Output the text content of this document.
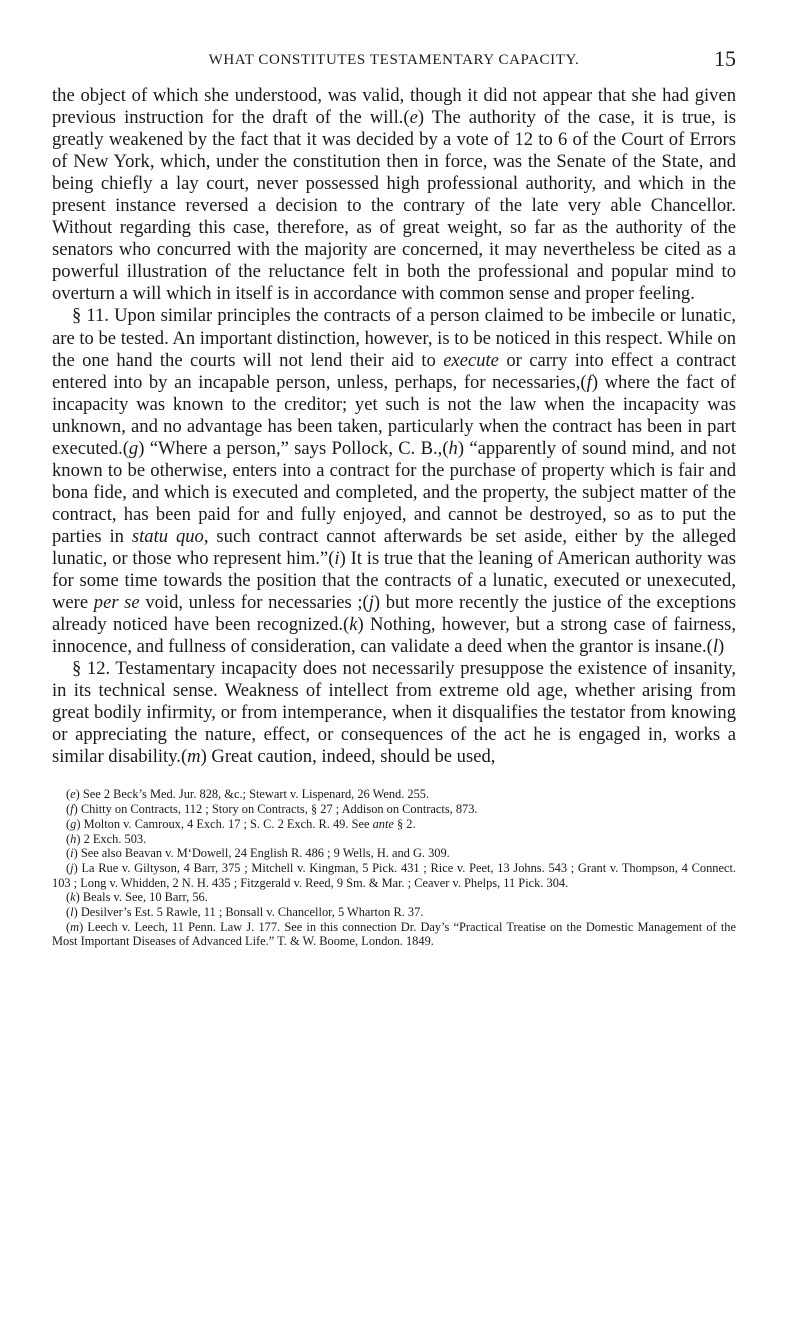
WHAT CONSTITUTES TESTAMENTARY CAPACITY.	15

the object of which she understood, was valid, though it did not appear that she had given previous instruction for the draft of the will.(e) The authority of the case, it is true, is greatly weakened by the fact that it was decided by a vote of 12 to 6 of the Court of Errors of New York, which, under the constitution then in force, was the Senate of the State, and being chiefly a lay court, never possessed high professional authority, and which in the present instance reversed a decision to the contrary of the late very able Chancellor. Without regarding this case, therefore, as of great weight, so far as the authority of the senators who concurred with the majority are concerned, it may nevertheless be cited as a powerful illustration of the reluctance felt in both the professional and popular mind to overturn a will which in itself is in accordance with common sense and proper feeling.

§ 11. Upon similar principles the contracts of a person claimed to be imbecile or lunatic, are to be tested. An important distinction, however, is to be noticed in this respect. While on the one hand the courts will not lend their aid to execute or carry into effect a contract entered into by an incapable person, unless, perhaps, for necessaries,(f) where the fact of incapacity was known to the creditor; yet such is not the law when the incapacity was unknown, and no advantage has been taken, particularly when the contract has been in part executed.(g) “Where a person,” says Pollock, C. B.,(h) “apparently of sound mind, and not known to be otherwise, enters into a contract for the purchase of property which is fair and bona fide, and which is executed and completed, and the property, the subject matter of the contract, has been paid for and fully enjoyed, and cannot be destroyed, so as to put the parties in statu quo, such contract cannot afterwards be set aside, either by the alleged lunatic, or those who represent him.”(i) It is true that the leaning of American authority was for some time towards the position that the contracts of a lunatic, executed or unexecuted, were per se void, unless for necessaries ;(j) but more recently the justice of the exceptions already noticed have been recognized.(k) Nothing, however, but a strong case of fairness, innocence, and fullness of consideration, can validate a deed when the grantor is insane.(l)

§ 12. Testamentary incapacity does not necessarily presuppose the existence of insanity, in its technical sense. Weakness of intellect from extreme old age, whether arising from great bodily infirmity, or from intemperance, when it disqualifies the testator from knowing or appreciating the nature, effect, or consequences of the act he is engaged in, works a similar disability.(m) Great caution, indeed, should be used,

(e) See 2 Beck’s Med. Jur. 828, &c.; Stewart v. Lispenard, 26 Wend. 255.

(f) Chitty on Contracts, 112 ; Story on Contracts, § 27 ; Addison on Contracts, 873.

(g) Molton v. Camroux, 4 Exch. 17 ; S. C. 2 Exch. R. 49. See ante § 2.

(h) 2 Exch. 503.

(i) See also Beavan v. M‘Dowell, 24 English R. 486 ; 9 Wells, H. and G. 309.

(j) La Rue v. Giltyson, 4 Barr, 375 ; Mitchell v. Kingman, 5 Pick. 431 ; Rice v. Peet, 13 Johns. 543 ; Grant v. Thompson, 4 Connect. 103 ; Long v. Whidden, 2 N. H. 435 ; Fitzgerald v. Reed, 9 Sm. & Mar. ; Ceaver v. Phelps, 11 Pick. 304.

(k) Beals v. See, 10 Barr, 56.

(l) Desilver’s Est. 5 Rawle, 11 ; Bonsall v. Chancellor, 5 Wharton R. 37.

(m) Leech v. Leech, 11 Penn. Law J. 177. See in this connection Dr. Day’s “Practical Treatise on the Domestic Management of the Most Important Diseases of Advanced Life.” T. & W. Boome, London. 1849.
